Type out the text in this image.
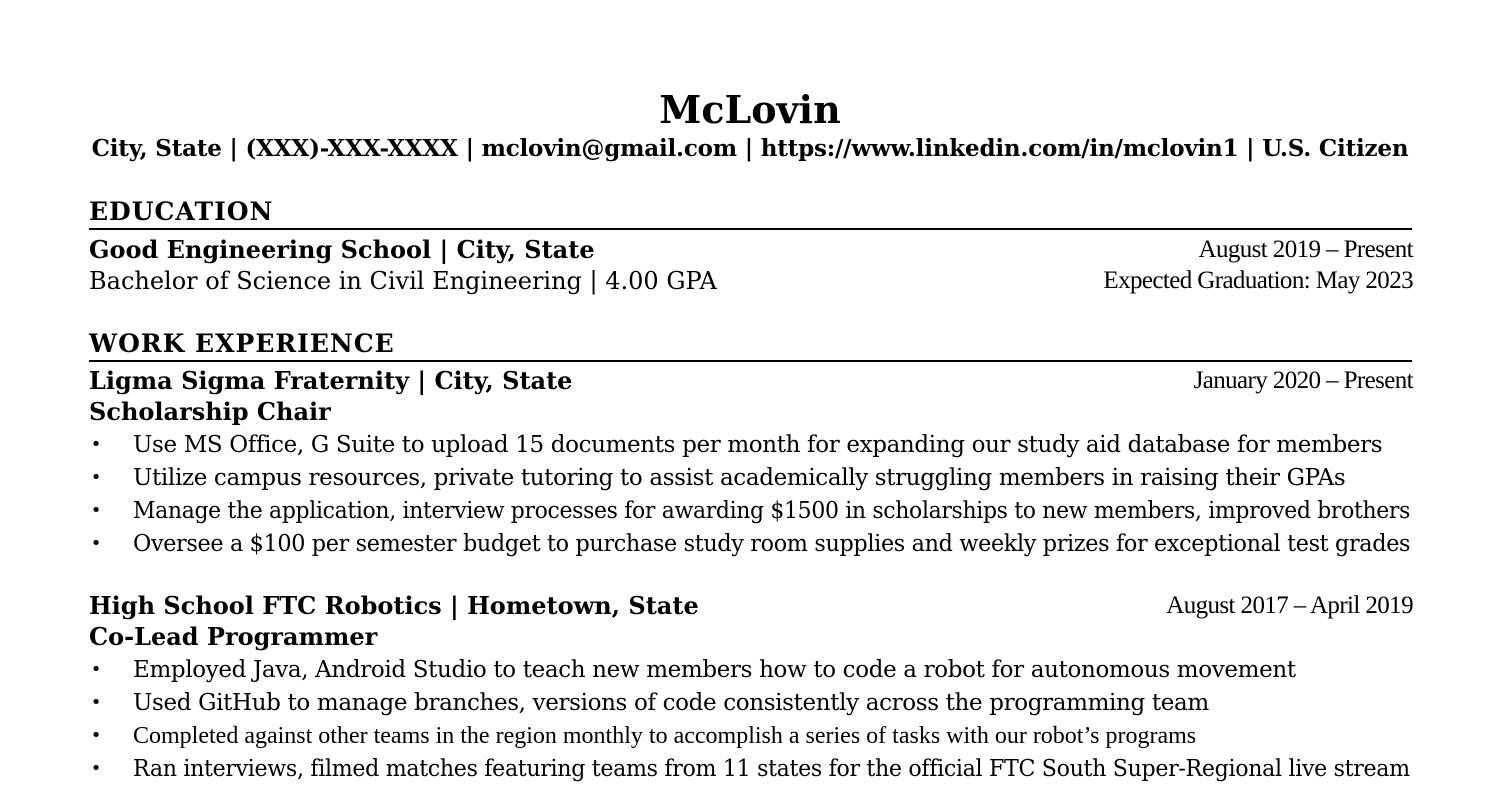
McLovin
City, State | (XXX)-XXX-XXXX | mclovin@gmail.com | https://www.linkedin.com/in/mclovin1 | U.S. Citizen
EDUCATION
Good Engineering School | City, State	August 2019 – Present
Bachelor of Science in Civil Engineering | 4.00 GPA	Expected Graduation: May 2023
WORK EXPERIENCE
Ligma Sigma Fraternity | City, State	January 2020 – Present
Scholarship Chair
• Use MS Office, G Suite to upload 15 documents per month for expanding our study aid database for members
• Utilize campus resources, private tutoring to assist academically struggling members in raising their GPAs
• Manage the application, interview processes for awarding $1500 in scholarships to new members, improved brothers
• Oversee a $100 per semester budget to purchase study room supplies and weekly prizes for exceptional test grades
High School FTC Robotics | Hometown, State	August 2017 – April 2019
Co-Lead Programmer
• Employed Java, Android Studio to teach new members how to code a robot for autonomous movement
• Used GitHub to manage branches, versions of code consistently across the programming team
• Completed against other teams in the region monthly to accomplish a series of tasks with our robot’s programs
• Ran interviews, filmed matches featuring teams from 11 states for the official FTC South Super-Regional live stream
